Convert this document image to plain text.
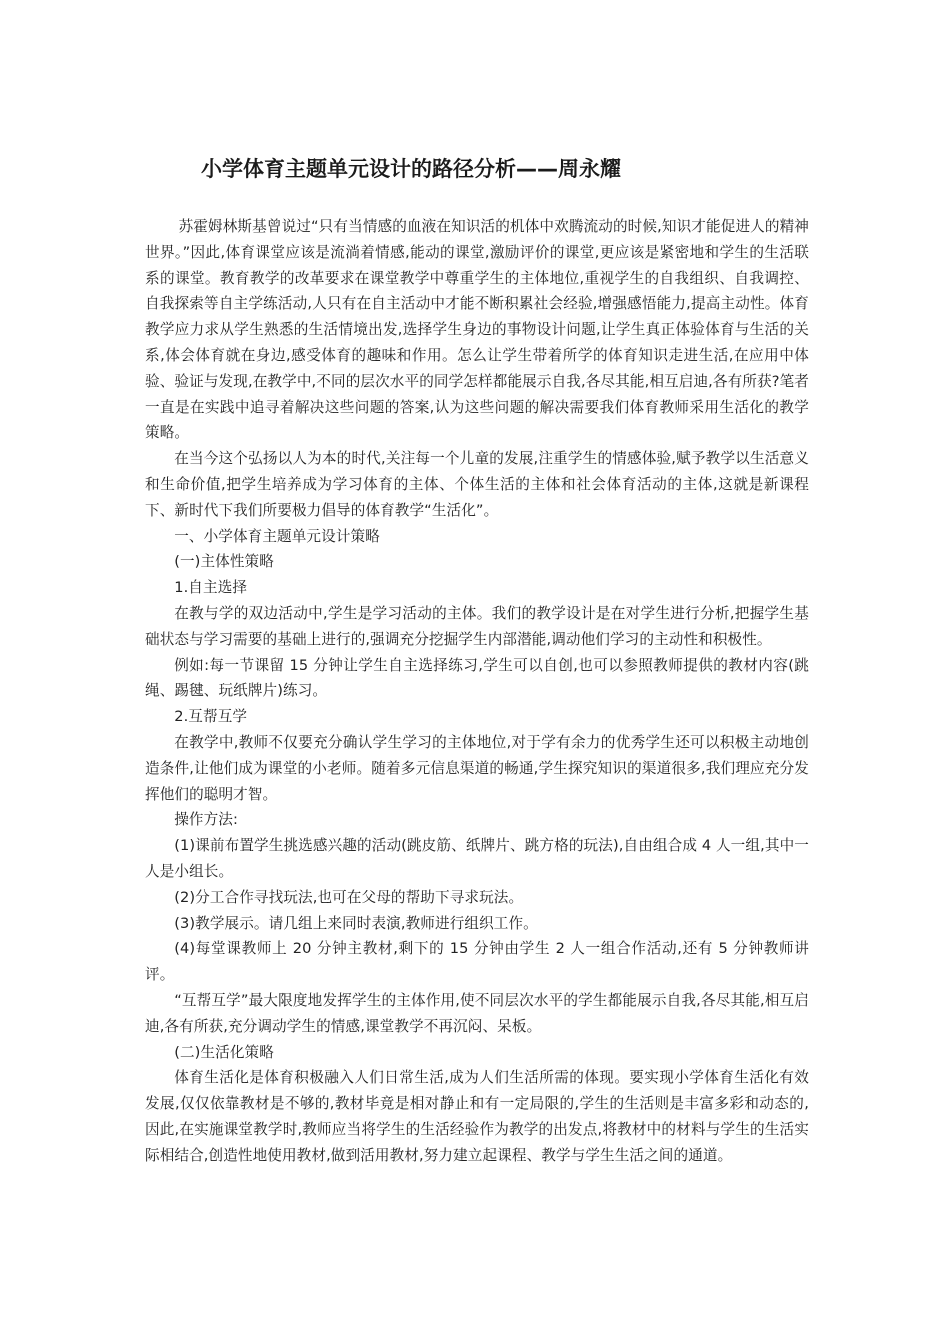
小学体育主题单元设计的路径分析——周永耀

苏霍姆林斯基曾说过“只有当情感的血液在知识活的机体中欢腾流动的时候,知识才能促进人的精神世界。”因此,体育课堂应该是流淌着情感,能动的课堂,激励评价的课堂,更应该是紧密地和学生的生活联系的课堂。教育教学的改革要求在课堂教学中尊重学生的主体地位,重视学生的自我组织、自我调控、自我探索等自主学练活动,人只有在自主活动中才能不断积累社会经验,增强感悟能力,提高主动性。体育教学应力求从学生熟悉的生活情境出发,选择学生身边的事物设计问题,让学生真正体验体育与生活的关系,体会体育就在身边,感受体育的趣味和作用。怎么让学生带着所学的体育知识走进生活,在应用中体验、验证与发现,在教学中,不同的层次水平的同学怎样都能展示自我,各尽其能,相互启迪,各有所获?笔者一直是在实践中追寻着解决这些问题的答案,认为这些问题的解决需要我们体育教师采用生活化的教学策略。

在当今这个弘扬以人为本的时代,关注每一个儿童的发展,注重学生的情感体验,赋予教学以生活意义和生命价值,把学生培养成为学习体育的主体、个体生活的主体和社会体育活动的主体,这就是新课程下、新时代下我们所要极力倡导的体育教学“生活化”。

一、小学体育主题单元设计策略

(一)主体性策略

1.自主选择

在教与学的双边活动中,学生是学习活动的主体。我们的教学设计是在对学生进行分析,把握学生基础状态与学习需要的基础上进行的,强调充分挖掘学生内部潜能,调动他们学习的主动性和积极性。

例如:每一节课留 15 分钟让学生自主选择练习,学生可以自创,也可以参照教师提供的教材内容(跳绳、踢毽、玩纸牌片)练习。

2.互帮互学

在教学中,教师不仅要充分确认学生学习的主体地位,对于学有余力的优秀学生还可以积极主动地创造条件,让他们成为课堂的小老师。随着多元信息渠道的畅通,学生探究知识的渠道很多,我们理应充分发挥他们的聪明才智。

操作方法:

(1)课前布置学生挑选感兴趣的活动(跳皮筋、纸牌片、跳方格的玩法),自由组合成 4 人一组,其中一人是小组长。

(2)分工合作寻找玩法,也可在父母的帮助下寻求玩法。

(3)教学展示。请几组上来同时表演,教师进行组织工作。

(4)每堂课教师上 20 分钟主教材,剩下的 15 分钟由学生 2 人一组合作活动,还有 5 分钟教师讲评。

“互帮互学”最大限度地发挥学生的主体作用,使不同层次水平的学生都能展示自我,各尽其能,相互启迪,各有所获,充分调动学生的情感,课堂教学不再沉闷、呆板。

(二)生活化策略

体育生活化是体育积极融入人们日常生活,成为人们生活所需的体现。要实现小学体育生活化有效发展,仅仅依靠教材是不够的,教材毕竟是相对静止和有一定局限的,学生的生活则是丰富多彩和动态的,因此,在实施课堂教学时,教师应当将学生的生活经验作为教学的出发点,将教材中的材料与学生的生活实际相结合,创造性地使用教材,做到活用教材,努力建立起课程、教学与学生生活之间的通道。
